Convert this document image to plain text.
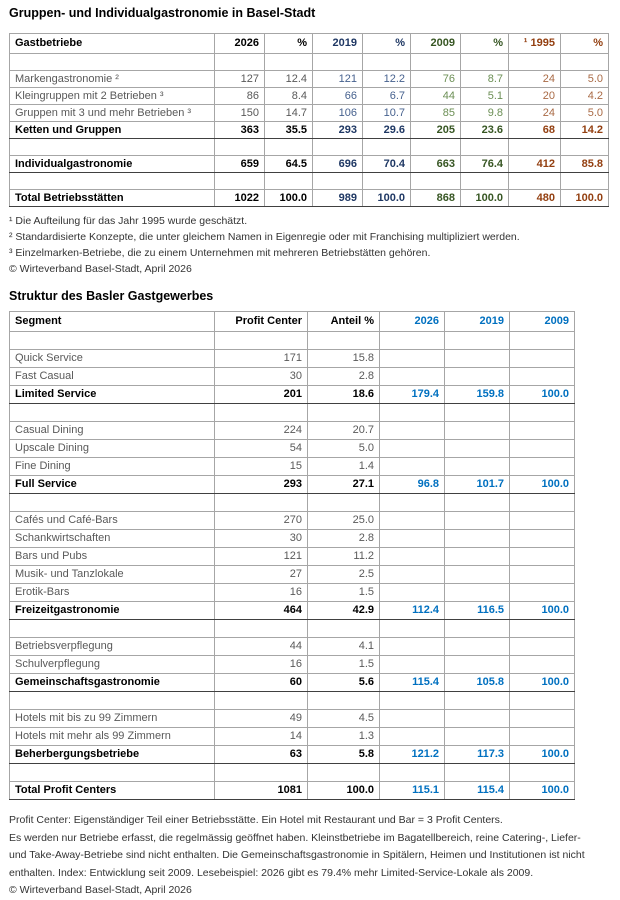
Gruppen- und Individualgastronomie in Basel-Stadt
Gastbetriebe	2026	%	2019	%	2009	%	¹ 1995	%

Markengastronomie ²	127	12.4	121	12.2	76	8.7	24	5.0
Kleingruppen mit 2 Betrieben ³	86	8.4	66	6.7	44	5.1	20	4.2
Gruppen mit 3 und mehr Betrieben ³	150	14.7	106	10.7	85	9.8	24	5.0
Ketten und Gruppen	363	35.5	293	29.6	205	23.6	68	14.2

Individualgastronomie	659	64.5	696	70.4	663	76.4	412	85.8

Total Betriebsstätten	1022	100.0	989	100.0	868	100.0	480	100.0
¹ Die Aufteilung für das Jahr 1995 wurde geschätzt.
² Standardisierte Konzepte, die unter gleichem Namen in Eigenregie oder mit Franchising multipliziert werden.
³ Einzelmarken-Betriebe, die zu einem Unternehmen mit mehreren Betriebstätten gehören.
© Wirteverband Basel-Stadt, April 2026
Struktur des Basler Gastgewerbes
Segment	Profit Center	Anteil %	2026	2019	2009

Quick Service	171	15.8			
Fast Casual	30	2.8			
Limited Service	201	18.6	179.4	159.8	100.0

Casual Dining	224	20.7			
Upscale Dining	54	5.0			
Fine Dining	15	1.4			
Full Service	293	27.1	96.8	101.7	100.0

Cafés und Café-Bars	270	25.0			
Schankwirtschaften	30	2.8			
Bars und Pubs	121	11.2			
Musik- und Tanzlokale	27	2.5			
Erotik-Bars	16	1.5			
Freizeitgastronomie	464	42.9	112.4	116.5	100.0

Betriebsverpflegung	44	4.1			
Schulverpflegung	16	1.5			
Gemeinschaftsgastronomie	60	5.6	115.4	105.8	100.0

Hotels mit bis zu 99 Zimmern	49	4.5			
Hotels mit mehr als 99 Zimmern	14	1.3			
Beherbergungsbetriebe	63	5.8	121.2	117.3	100.0

Total Profit Centers	1081	100.0	115.1	115.4	100.0
Profit Center: Eigenständiger Teil einer Betriebsstätte. Ein Hotel mit Restaurant und Bar = 3 Profit Centers.
Es werden nur Betriebe erfasst, die regelmässig geöffnet haben. Kleinstbetriebe im Bagatellbereich, reine Catering-, Liefer-
und Take-Away-Betriebe sind nicht enthalten. Die Gemeinschaftsgastronomie in Spitälern, Heimen und Institutionen ist nicht
enthalten. Index: Entwicklung seit 2009. Lesebeispiel: 2026 gibt es 79.4% mehr Limited-Service-Lokale als 2009.
© Wirteverband Basel-Stadt, April 2026
